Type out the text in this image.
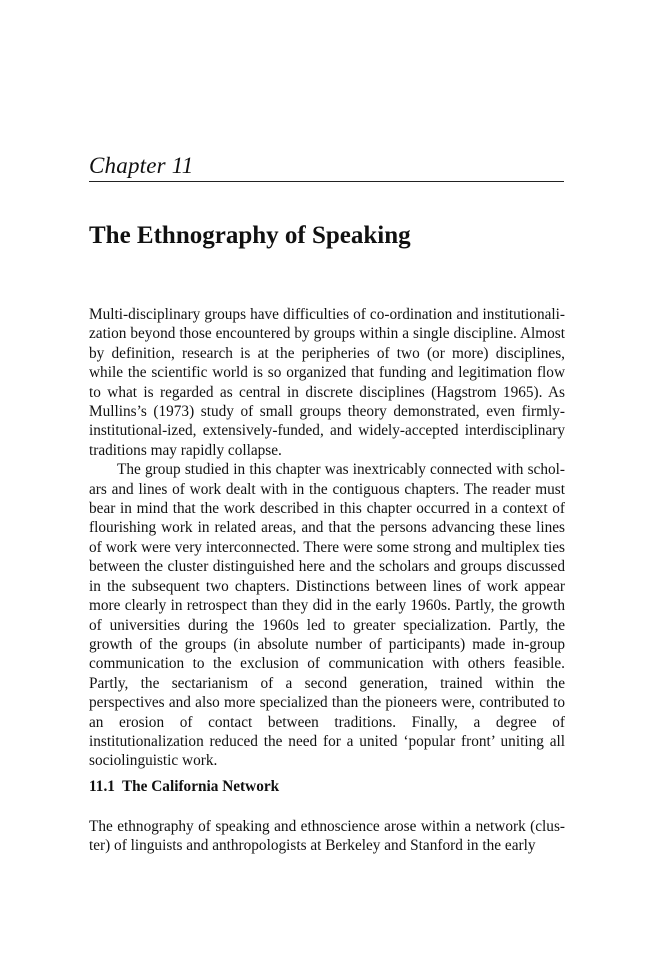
Chapter 11
The Ethnography of Speaking

Multi-disciplinary groups have difficulties of co-ordination and institutionali-zation beyond those encountered by groups within a single discipline. Almost by definition, research is at the peripheries of two (or more) disciplines, while the scientific world is so organized that funding and legitimation flow to what is regarded as central in discrete disciplines (Hagstrom 1965). As Mullins’s (1973) study of small groups theory demonstrated, even firmly-institutional-ized, extensively-funded, and widely-accepted interdisciplinary traditions may rapidly collapse.

The group studied in this chapter was inextricably connected with schol-ars and lines of work dealt with in the contiguous chapters. The reader must bear in mind that the work described in this chapter occurred in a context of flourishing work in related areas, and that the persons advancing these lines of work were very interconnected. There were some strong and multiplex ties between the cluster distinguished here and the scholars and groups discussed in the subsequent two chapters. Distinctions between lines of work appear more clearly in retrospect than they did in the early 1960s. Partly, the growth of universities during the 1960s led to greater specialization. Partly, the growth of the groups (in absolute number of participants) made in-group communication to the exclusion of communication with others feasible. Partly, the sectarianism of a second generation, trained within the perspectives and also more specialized than the pioneers were, contributed to an erosion of contact between traditions. Finally, a degree of institutionalization reduced the need for a united ‘popular front’ uniting all sociolinguistic work.

11.1 The California Network

The ethnography of speaking and ethnoscience arose within a network (clus-ter) of linguists and anthropologists at Berkeley and Stanford in the early
